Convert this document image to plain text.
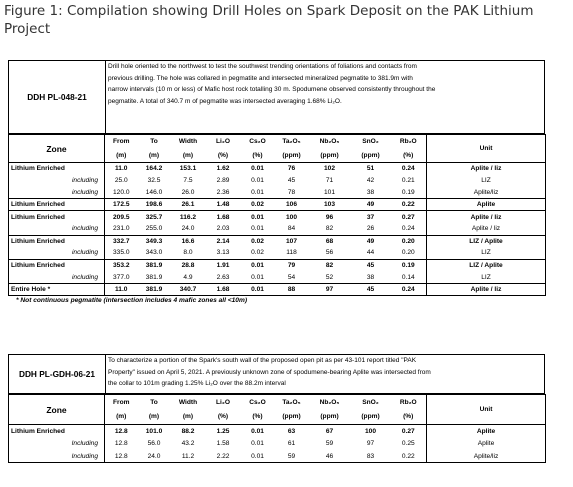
Figure 1: Compilation showing Drill Holes on Spark Deposit on the PAK Lithium Project
DDH PL-048-21
Drill hole oriented to the northwest to test the southwest trending orientations of foliations and contacts from
previous drilling. The hole was collared in pegmatite and intersected mineralized pegmatite to 381.9m with
narrow intervals (10 m or less) of Mafic host rock totalling 30 m. Spodumene observed consistently throughout the
pegmatite. A total of 340.7 m of pegmatite was intersected averaging 1.68% Li₂O.
Zone	From	To	Width	Li₂O	Cs₂O	Ta₂O₅	Nb₂O₅	SnO₂	Rb₂O	Unit
	(m)	(m)	(m)	(%)	(%)	(ppm)	(ppm)	(ppm)	(%)	
Lithium Enriched	11.0	164.2	153.1	1.62	0.01	76	102	51	0.24	Aplite / liz
including	25.0	32.5	7.5	2.89	0.01	45	71	42	0.21	LIZ
including	120.0	146.0	26.0	2.36	0.01	78	101	38	0.19	Aplite/liz
Lithium Enriched	172.5	198.6	26.1	1.48	0.02	106	103	49	0.22	Aplite
Lithium Enriched	209.5	325.7	116.2	1.68	0.01	100	96	37	0.27	Aplite / liz
including	231.0	255.0	24.0	2.03	0.01	84	82	26	0.24	Aplite / liz
Lithium Enriched	332.7	349.3	16.6	2.14	0.02	107	68	49	0.20	LIZ / Aplite
including	335.0	343.0	8.0	3.13	0.02	118	56	44	0.20	LIZ
Lithium Enriched	353.2	381.9	28.8	1.91	0.01	79	82	45	0.19	LIZ / Aplite
including	377.0	381.9	4.9	2.63	0.01	54	52	38	0.14	LIZ
Entire Hole *	11.0	381.9	340.7	1.68	0.01	88	97	45	0.24	Aplite / liz
* Not continuous pegmatite (intersection includes 4 mafic zones all <10m)
DDH PL-GDH-06-21
To characterize a portion of the Spark's south wall of the proposed open pit as per 43-101 report titled "PAK
Property" issued on April 5, 2021. A previously unknown zone of spodumene-bearing Aplite was intersected from
the collar to 101m grading 1.25% Li₂O over the 88.2m interval
Zone	From	To	Width	Li₂O	Cs₂O	Ta₂O₅	Nb₂O₅	SnO₂	Rb₂O	Unit
	(m)	(m)	(m)	(%)	(%)	(ppm)	(ppm)	(ppm)	(%)	
Lithium Enriched	12.8	101.0	88.2	1.25	0.01	63	67	100	0.27	Aplite
Including	12.8	56.0	43.2	1.58	0.01	61	59	97	0.25	Aplite
Including	12.8	24.0	11.2	2.22	0.01	59	46	83	0.22	Aplite/liz
